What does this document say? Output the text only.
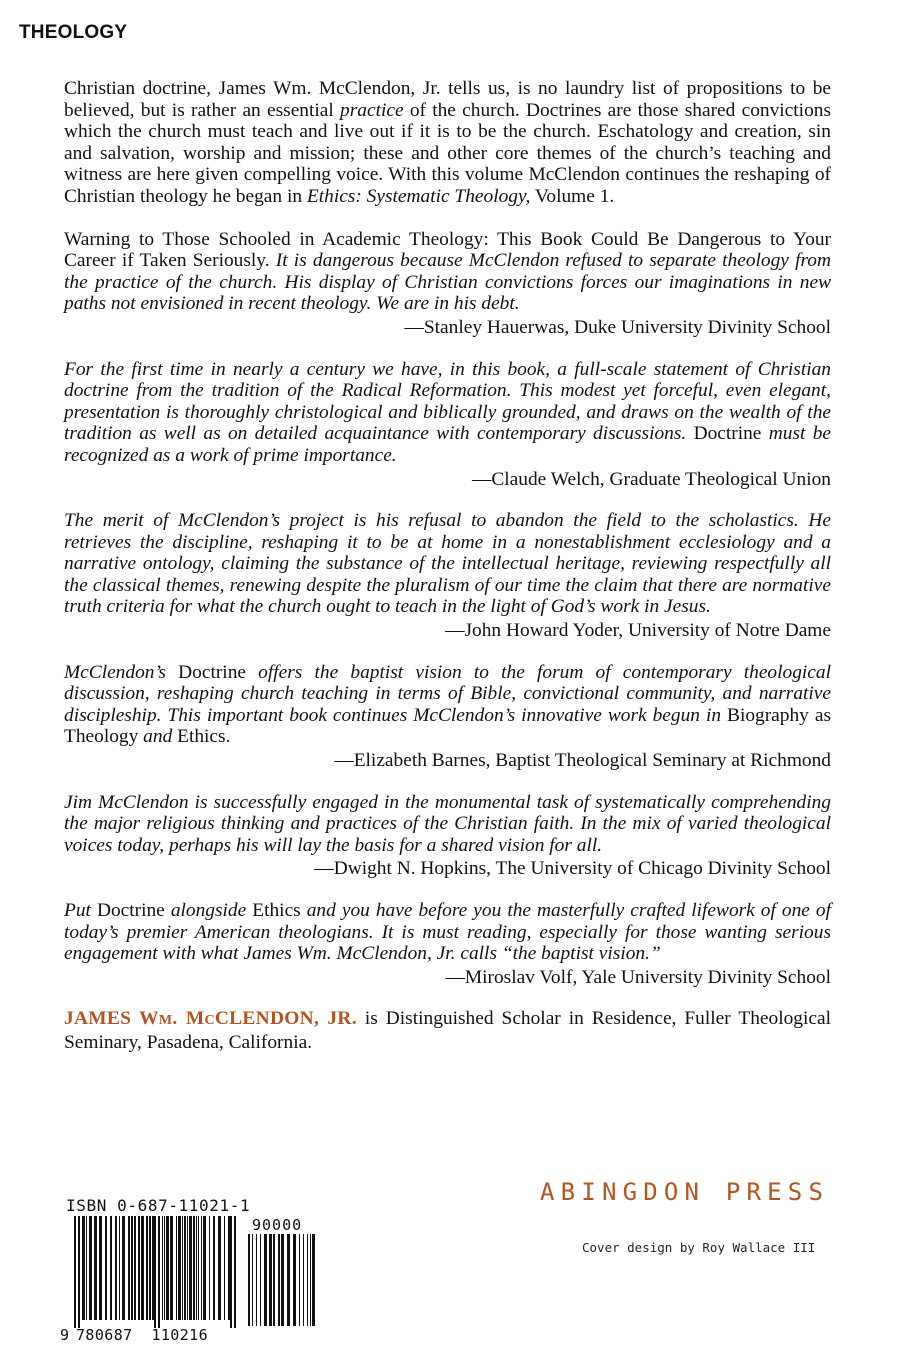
THEOLOGY

Christian doctrine, James Wm. McClendon, Jr. tells us, is no laundry list of propositions to be believed, but is rather an essential practice of the church. Doctrines are those shared convictions which the church must teach and live out if it is to be the church. Eschatology and creation, sin and salvation, worship and mission; these and other core themes of the church’s teaching and witness are here given compelling voice. With this volume McClendon continues the reshaping of Christian theology he began in Ethics: Systematic Theology, Volume 1.

Warning to Those Schooled in Academic Theology: This Book Could Be Dangerous to Your Career if Taken Seriously. It is dangerous because McClendon refused to separate theology from the practice of the church. His display of Christian convictions forces our imaginations in new paths not envisioned in recent theology. We are in his debt.

—Stanley Hauerwas, Duke University Divinity School

For the first time in nearly a century we have, in this book, a full-scale statement of Christian doctrine from the tradition of the Radical Reformation. This modest yet forceful, even elegant, presentation is thoroughly christological and biblically grounded, and draws on the wealth of the tradition as well as on detailed acquaintance with contemporary discussions. Doctrine must be recognized as a work of prime importance.

—Claude Welch, Graduate Theological Union

The merit of McClendon’s project is his refusal to abandon the field to the scholastics. He retrieves the discipline, reshaping it to be at home in a nonestablishment ecclesiology and a narrative ontology, claiming the substance of the intellectual heritage, reviewing respectfully all the classical themes, renewing despite the pluralism of our time the claim that there are normative truth criteria for what the church ought to teach in the light of God’s work in Jesus.

—John Howard Yoder, University of Notre Dame

McClendon’s Doctrine offers the baptist vision to the forum of contemporary theological discussion, reshaping church teaching in terms of Bible, convictional community, and narrative discipleship. This important book continues McClendon’s innovative work begun in Biography as Theology and Ethics.

—Elizabeth Barnes, Baptist Theological Seminary at Richmond

Jim McClendon is successfully engaged in the monumental task of systematically comprehending the major religious thinking and practices of the Christian faith. In the mix of varied theological voices today, perhaps his will lay the basis for a shared vision for all.

—Dwight N. Hopkins, The University of Chicago Divinity School

Put Doctrine alongside Ethics and you have before you the masterfully crafted lifework of one of today’s premier American theologians. It is must reading, especially for those wanting serious engagement with what James Wm. McClendon, Jr. calls “the baptist vision.”

—Miroslav Volf, Yale University Divinity School

JAMES WM. MCCLENDON, JR. is Distinguished Scholar in Residence, Fuller Theological Seminary, Pasadena, California.

ABINGDON PRESS
Cover design by Roy Wallace III
ISBN 0-687-11021-1
90000
9 780687  110216
